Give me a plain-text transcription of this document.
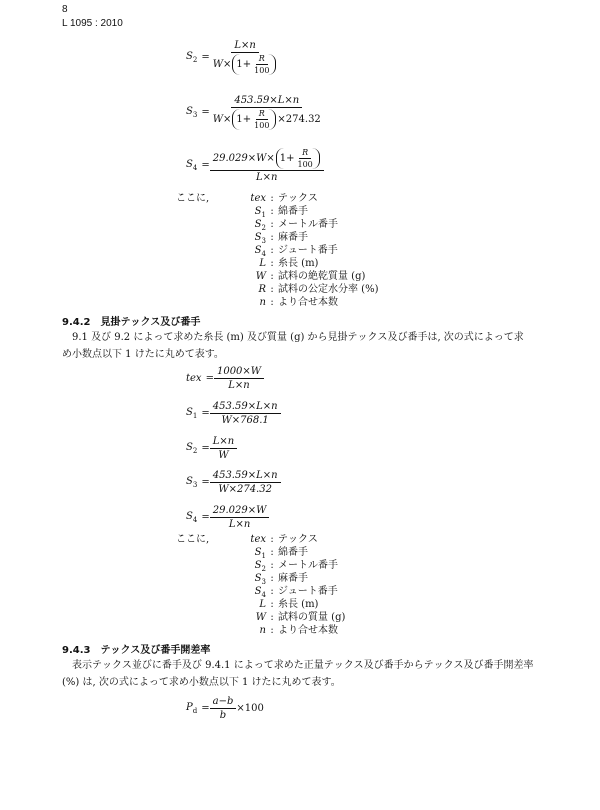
8
L 1095 : 2010
$S_2 = \frac{L\times n}{W\times 1+ \frac{R}{100}}$
$S_3 = \frac{453.59\times L\times n}{W\times 1+ \frac{R}{100} \times 274.32}$
$S_4 = \frac{29.029\times W\times 1+ \frac{R}{100}}{L\times n}$
ここに,	tex : テックス
$S_1$ : 綿番手
$S_2$ : メートル番手
$S_3$ : 麻番手
$S_4$ : ジュート番手
L : 糸長 (m)
W : 試料の絶乾質量 (g)
R : 試料の公定水分率 (%)
n : より合せ本数
9.4.2 見掛テックス及び番手
9.1 及び 9.2 によって求めた糸長 (m) 及び質量 (g) から見掛テックス及び番手は, 次の式によって求
め小数点以下 1 けたに丸めて表す。
tex = $\frac{1000\times W}{L\times n}$
$S_1 = \frac{453.59\times L\times n}{W\times 768.1}$
$S_2 = \frac{L\times n}{W}$
$S_3 = \frac{453.59\times L\times n}{W\times 274.32}$
$S_4 = \frac{29.029\times W}{L\times n}$
ここに,	tex : テックス
$S_1$ : 綿番手
$S_2$ : メートル番手
$S_3$ : 麻番手
$S_4$ : ジュート番手
L : 糸長 (m)
W : 試料の質量 (g)
n : より合せ本数
9.4.3 テックス及び番手開差率
表示テックス並びに番手及び 9.4.1 によって求めた正量テックス及び番手からテックス及び番手開差率
(%) は, 次の式によって求め小数点以下 1 けたに丸めて表す。
$P_d = \frac{a-b}{b} \times 100$
